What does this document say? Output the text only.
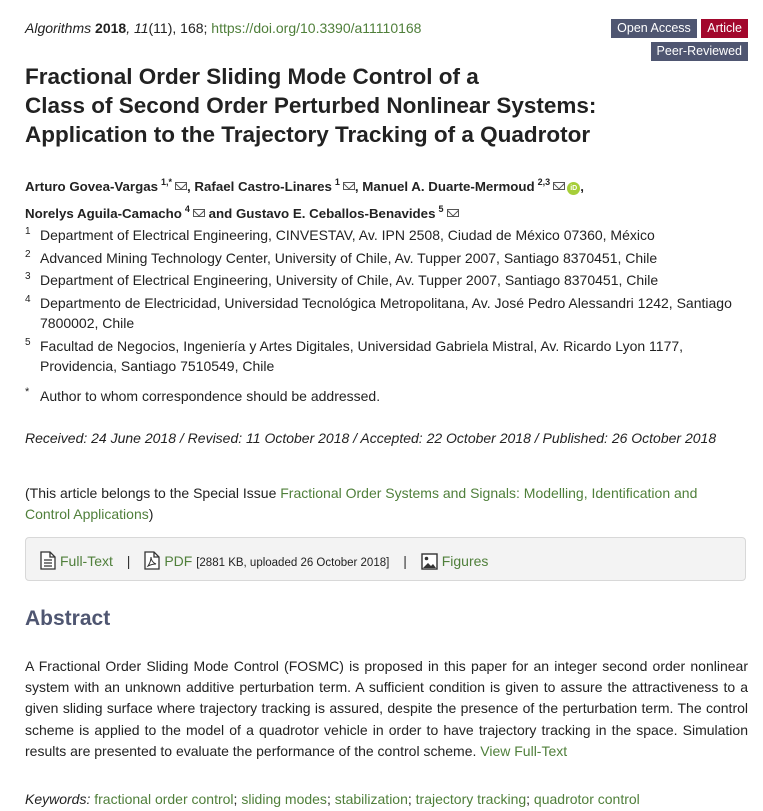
Algorithms 2018, 11(11), 168; https://doi.org/10.3390/a11110168	Open Access Article Peer-Reviewed
Fractional Order Sliding Mode Control of a
Class of Second Order Perturbed Nonlinear Systems:
Application to the Trajectory Tracking of a Quadrotor
Arturo Govea-Vargas $^{1,*}$ , Rafael Castro-Linares $^1$ , Manuel A. Duarte-Mermoud $^{2,3}$iD ,
Norelys Aguila-Camacho $^4$ and Gustavo E. Ceballos-Benavides $^5$
1 Department of Electrical Engineering, CINVESTAV, Av. IPN 2508, Ciudad de México 07360, México
2 Advanced Mining Technology Center, University of Chile, Av. Tupper 2007, Santiago 8370451, Chile
3 Department of Electrical Engineering, University of Chile, Av. Tupper 2007, Santiago 8370451, Chile
4 Departmento de Electricidad, Universidad Tecnológica Metropolitana, Av. José Pedro Alessandri 1242, Santiago 7800002, Chile
5 Facultad de Negocios, Ingeniería y Artes Digitales, Universidad Gabriela Mistral, Av. Ricardo Lyon 1177, Providencia, Santiago 7510549, Chile
* Author to whom correspondence should be addressed.
Received: 24 June 2018 / Revised: 11 October 2018 / Accepted: 22 October 2018 / Published: 26 October 2018
(This article belongs to the Special Issue Fractional Order Systems and Signals: Modelling, Identification and Control Applications)
Full-Text | PDF [2881 KB, uploaded 26 October 2018] | Figures
Abstract
A Fractional Order Sliding Mode Control (FOSMC) is proposed in this paper for an integer second order nonlinear system with an unknown additive perturbation term. A sufficient condition is given to assure the attractiveness to a given sliding surface where trajectory tracking is assured, despite the presence of the perturbation term. The control scheme is applied to the model of a quadrotor vehicle in order to have trajectory tracking in the space. Simulation results are presented to evaluate the performance of the control scheme. View Full-Text
Keywords: fractional order control; sliding modes; stabilization; trajectory tracking; quadrotor control
